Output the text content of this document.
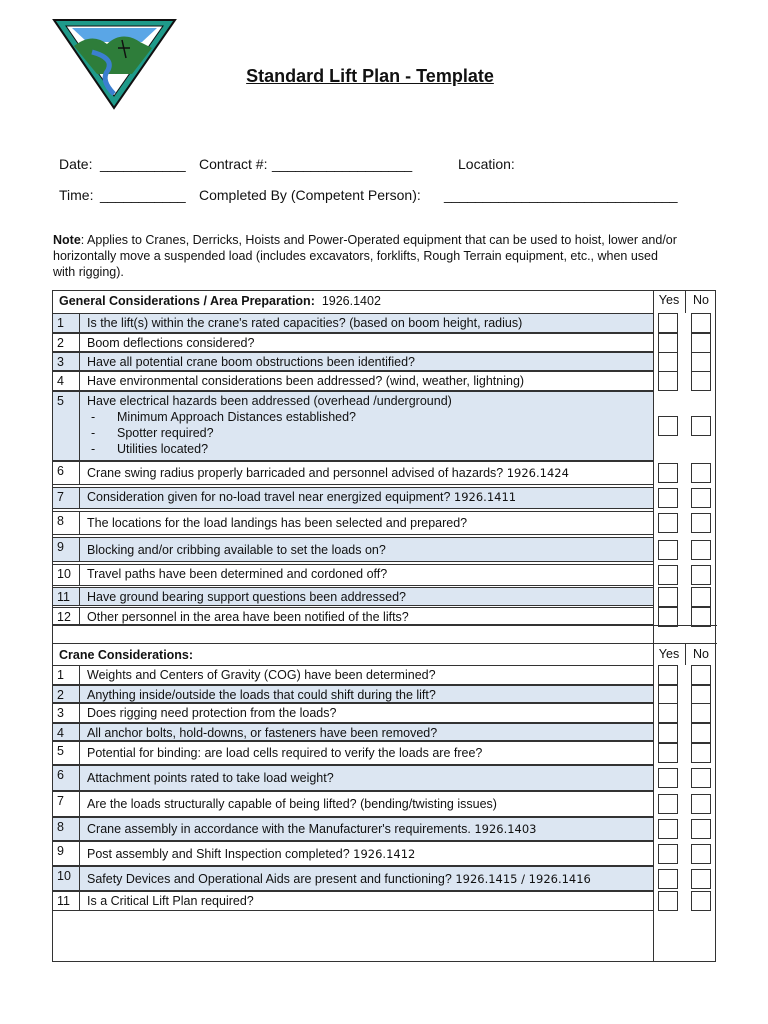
Standard Lift Plan - Template
Date: ___________ Contract #: __________________	Location:
Time: ___________ Completed By (Competent Person): ______________________________
Note: Applies to Cranes, Derricks, Hoists and Power-Operated equipment that can be used to hoist, lower and/or horizontally move a suspended load (includes excavators, forklifts, Rough Terrain equipment, etc., when used with rigging).
General Considerations / Area Preparation: 1926.1402	Yes	No
1 Is the lift(s) within the crane's rated capacities? (based on boom height, radius)
2 Boom deflections considered?
3 Have all potential crane boom obstructions been identified?
4 Have environmental considerations been addressed? (wind, weather, lightning)
5 Have electrical hazards been addressed (overhead /underground)
- Minimum Approach Distances established?
- Spotter required?
- Utilities located?
6 Crane swing radius properly barricaded and personnel advised of hazards? 1926.1424
7 Consideration given for no-load travel near energized equipment? 1926.1411
8 The locations for the load landings has been selected and prepared?
9 Blocking and/or cribbing available to set the loads on?
10 Travel paths have been determined and cordoned off?
11 Have ground bearing support questions been addressed?
12 Other personnel in the area have been notified of the lifts?
Crane Considerations:	Yes	No
1 Weights and Centers of Gravity (COG) have been determined?
2 Anything inside/outside the loads that could shift during the lift?
3 Does rigging need protection from the loads?
4 All anchor bolts, hold-downs, or fasteners have been removed?
5 Potential for binding: are load cells required to verify the loads are free?
6 Attachment points rated to take load weight?
7 Are the loads structurally capable of being lifted? (bending/twisting issues)
8 Crane assembly in accordance with the Manufacturer's requirements. 1926.1403
9 Post assembly and Shift Inspection completed? 1926.1412
10 Safety Devices and Operational Aids are present and functioning? 1926.1415 / 1926.1416
11 Is a Critical Lift Plan required?
